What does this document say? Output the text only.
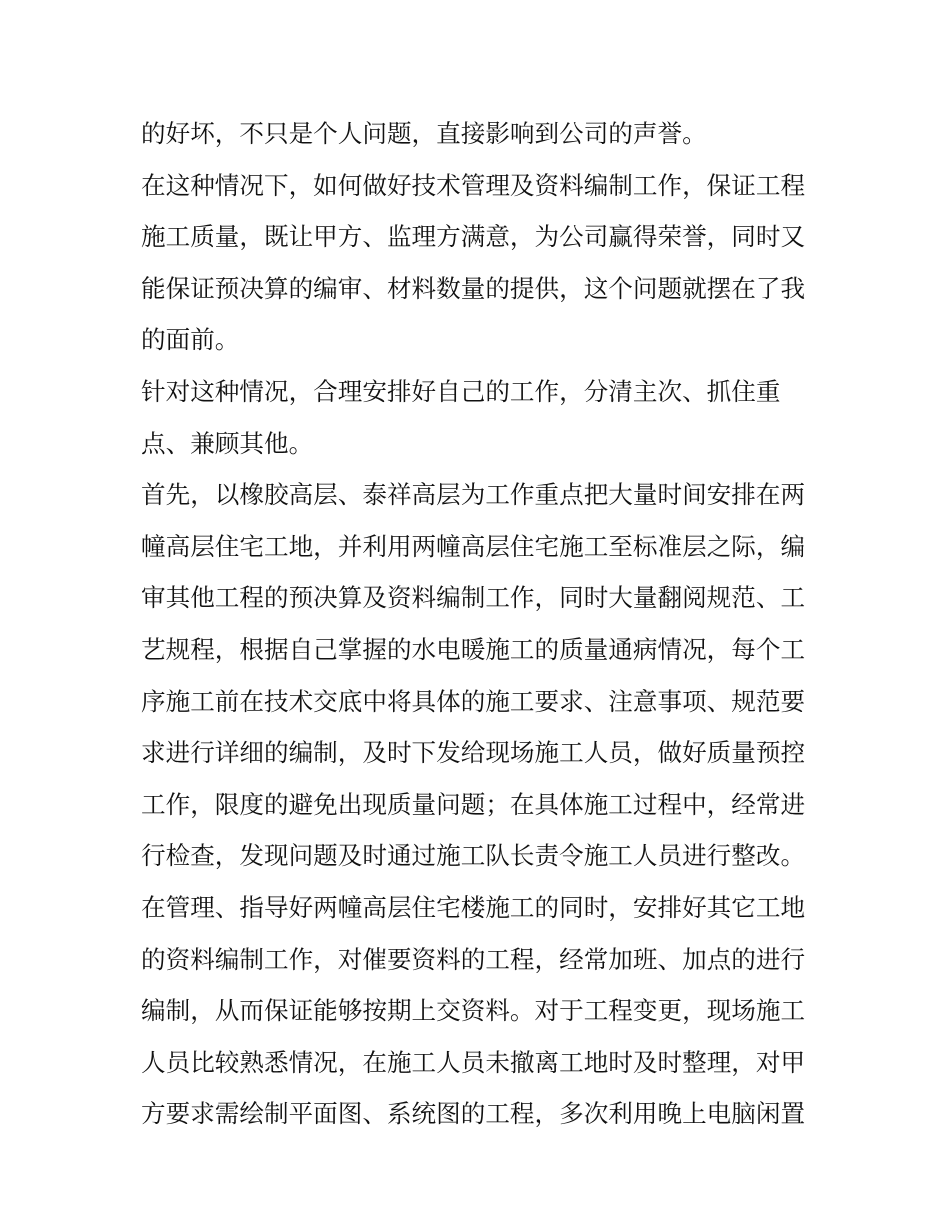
的好坏，不只是个人问题，直接影响到公司的声誉。

在这种情况下，如何做好技术管理及资料编制工作，保证工程施工质量，既让甲方、监理方满意，为公司赢得荣誉，同时又能保证预决算的编审、材料数量的提供，这个问题就摆在了我的面前。

针对这种情况，合理安排好自己的工作，分清主次、抓住重点、兼顾其他。

首先，以橡胶高层、泰祥高层为工作重点把大量时间安排在两幢高层住宅工地，并利用两幢高层住宅施工至标准层之际，编审其他工程的预决算及资料编制工作，同时大量翻阅规范、工艺规程，根据自己掌握的水电暖施工的质量通病情况，每个工序施工前在技术交底中将具体的施工要求、注意事项、规范要求进行详细的编制，及时下发给现场施工人员，做好质量预控工作，限度的避免出现质量问题；在具体施工过程中，经常进行检查，发现问题及时通过施工队长责令施工人员进行整改。

在管理、指导好两幢高层住宅楼施工的同时，安排好其它工地的资料编制工作，对催要资料的工程，经常加班、加点的进行编制，从而保证能够按期上交资料。对于工程变更，现场施工人员比较熟悉情况，在施工人员未撤离工地时及时整理，对甲方要求需绘制平面图、系统图的工程，多次利用晚上电脑闲置
